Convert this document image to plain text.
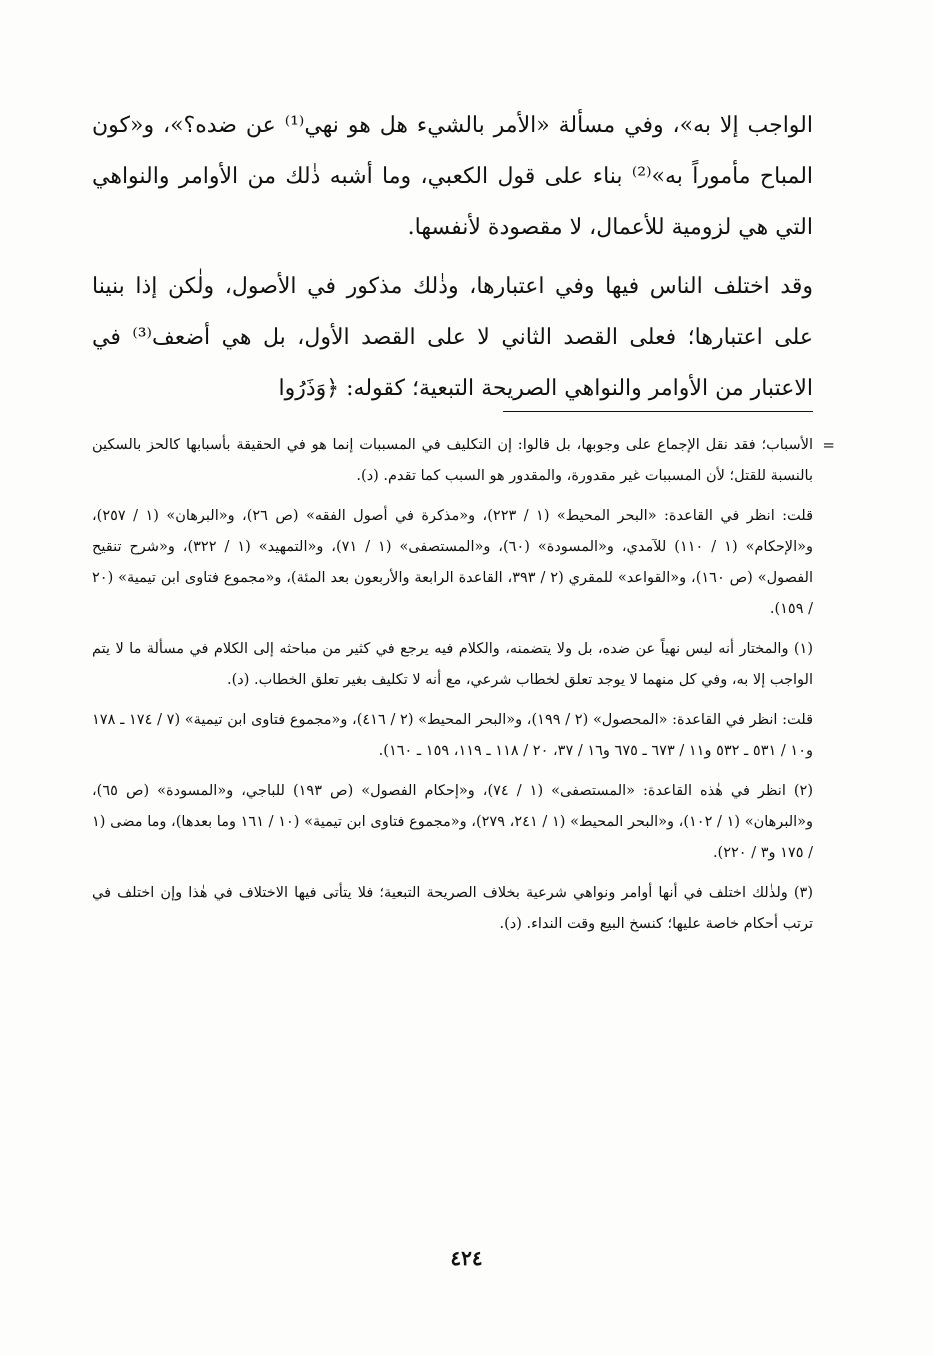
الواجب إلا به»، وفي مسألة «الأمر بالشيء هل هو نهي⁽¹⁾ عن ضده؟»، و«كون المباح مأموراً به»⁽²⁾ بناء على قول الكعبي، وما أشبه ذٰلك من الأوامر والنواهي التي هي لزومية للأعمال، لا مقصودة لأنفسها.

وقد اختلف الناس فيها وفي اعتبارها، وذٰلك مذكور في الأصول، ولٰكن إذا بنينا على اعتبارها؛ فعلى القصد الثاني لا على القصد الأول، بل هي أضعف⁽³⁾ في الاعتبار من الأوامر والنواهي الصريحة التبعية؛ كقوله: ﴿وَذَرُوا

=
الأسباب؛ فقد نقل الإجماع على وجوبها، بل قالوا: إن التكليف في المسببات إنما هو في الحقيقة بأسبابها كالحز بالسكين بالنسبة للقتل؛ لأن المسببات غير مقدورة، والمقدور هو السبب كما تقدم. (د).

قلت: انظر في القاعدة: «البحر المحيط» (١ / ٢٢٣)، و«مذكرة في أصول الفقه» (ص ٢٦)، و«البرهان» (١ / ٢٥٧)، و«الإحكام» (١ / ١١٠) للآمدي، و«المسودة» (٦٠)، و«المستصفى» (١ / ٧١)، و«التمهيد» (١ / ٣٢٢)، و«شرح تنقيح الفصول» (ص ١٦٠)، و«القواعد» للمقري (٢ / ٣٩٣، القاعدة الرابعة والأربعون بعد المئة)، و«مجموع فتاوى ابن تيمية» (٢٠ / ١٥٩).

(١) والمختار أنه ليس نهياً عن ضده، بل ولا يتضمنه، والكلام فيه يرجع في كثير من مباحثه إلى الكلام في مسألة ما لا يتم الواجب إلا به، وفي كل منهما لا يوجد تعلق لخطاب شرعي، مع أنه لا تكليف بغير تعلق الخطاب. (د).

قلت: انظر في القاعدة: «المحصول» (٢ / ١٩٩)، و«البحر المحيط» (٢ / ٤١٦)، و«مجموع فتاوى ابن تيمية» (٧ / ١٧٤ ـ ١٧٨ و١٠ / ٥٣١ ـ ٥٣٢ و١١ / ٦٧٣ ـ ٦٧٥ و١٦ / ٣٧، ٢٠ / ١١٨ ـ ١١٩، ١٥٩ ـ ١٦٠).

(٢) انظر في هٰذه القاعدة: «المستصفى» (١ / ٧٤)، و«إحكام الفصول» (ص ١٩٣) للباجي، و«المسودة» (ص ٦٥)، و«البرهان» (١ / ١٠٢)، و«البحر المحيط» (١ / ٢٤١، ٢٧٩)، و«مجموع فتاوى ابن تيمية» (١٠ / ١٦١ وما بعدها)، وما مضى (١ / ١٧٥ و٣ / ٢٢٠).

(٣) ولذٰلك اختلف في أنها أوامر ونواهي شرعية بخلاف الصريحة التبعية؛ فلا يتأتى فيها الاختلاف في هٰذا وإن اختلف في ترتب أحكام خاصة عليها؛ كنسخ البيع وقت النداء. (د).

٤٢٤
